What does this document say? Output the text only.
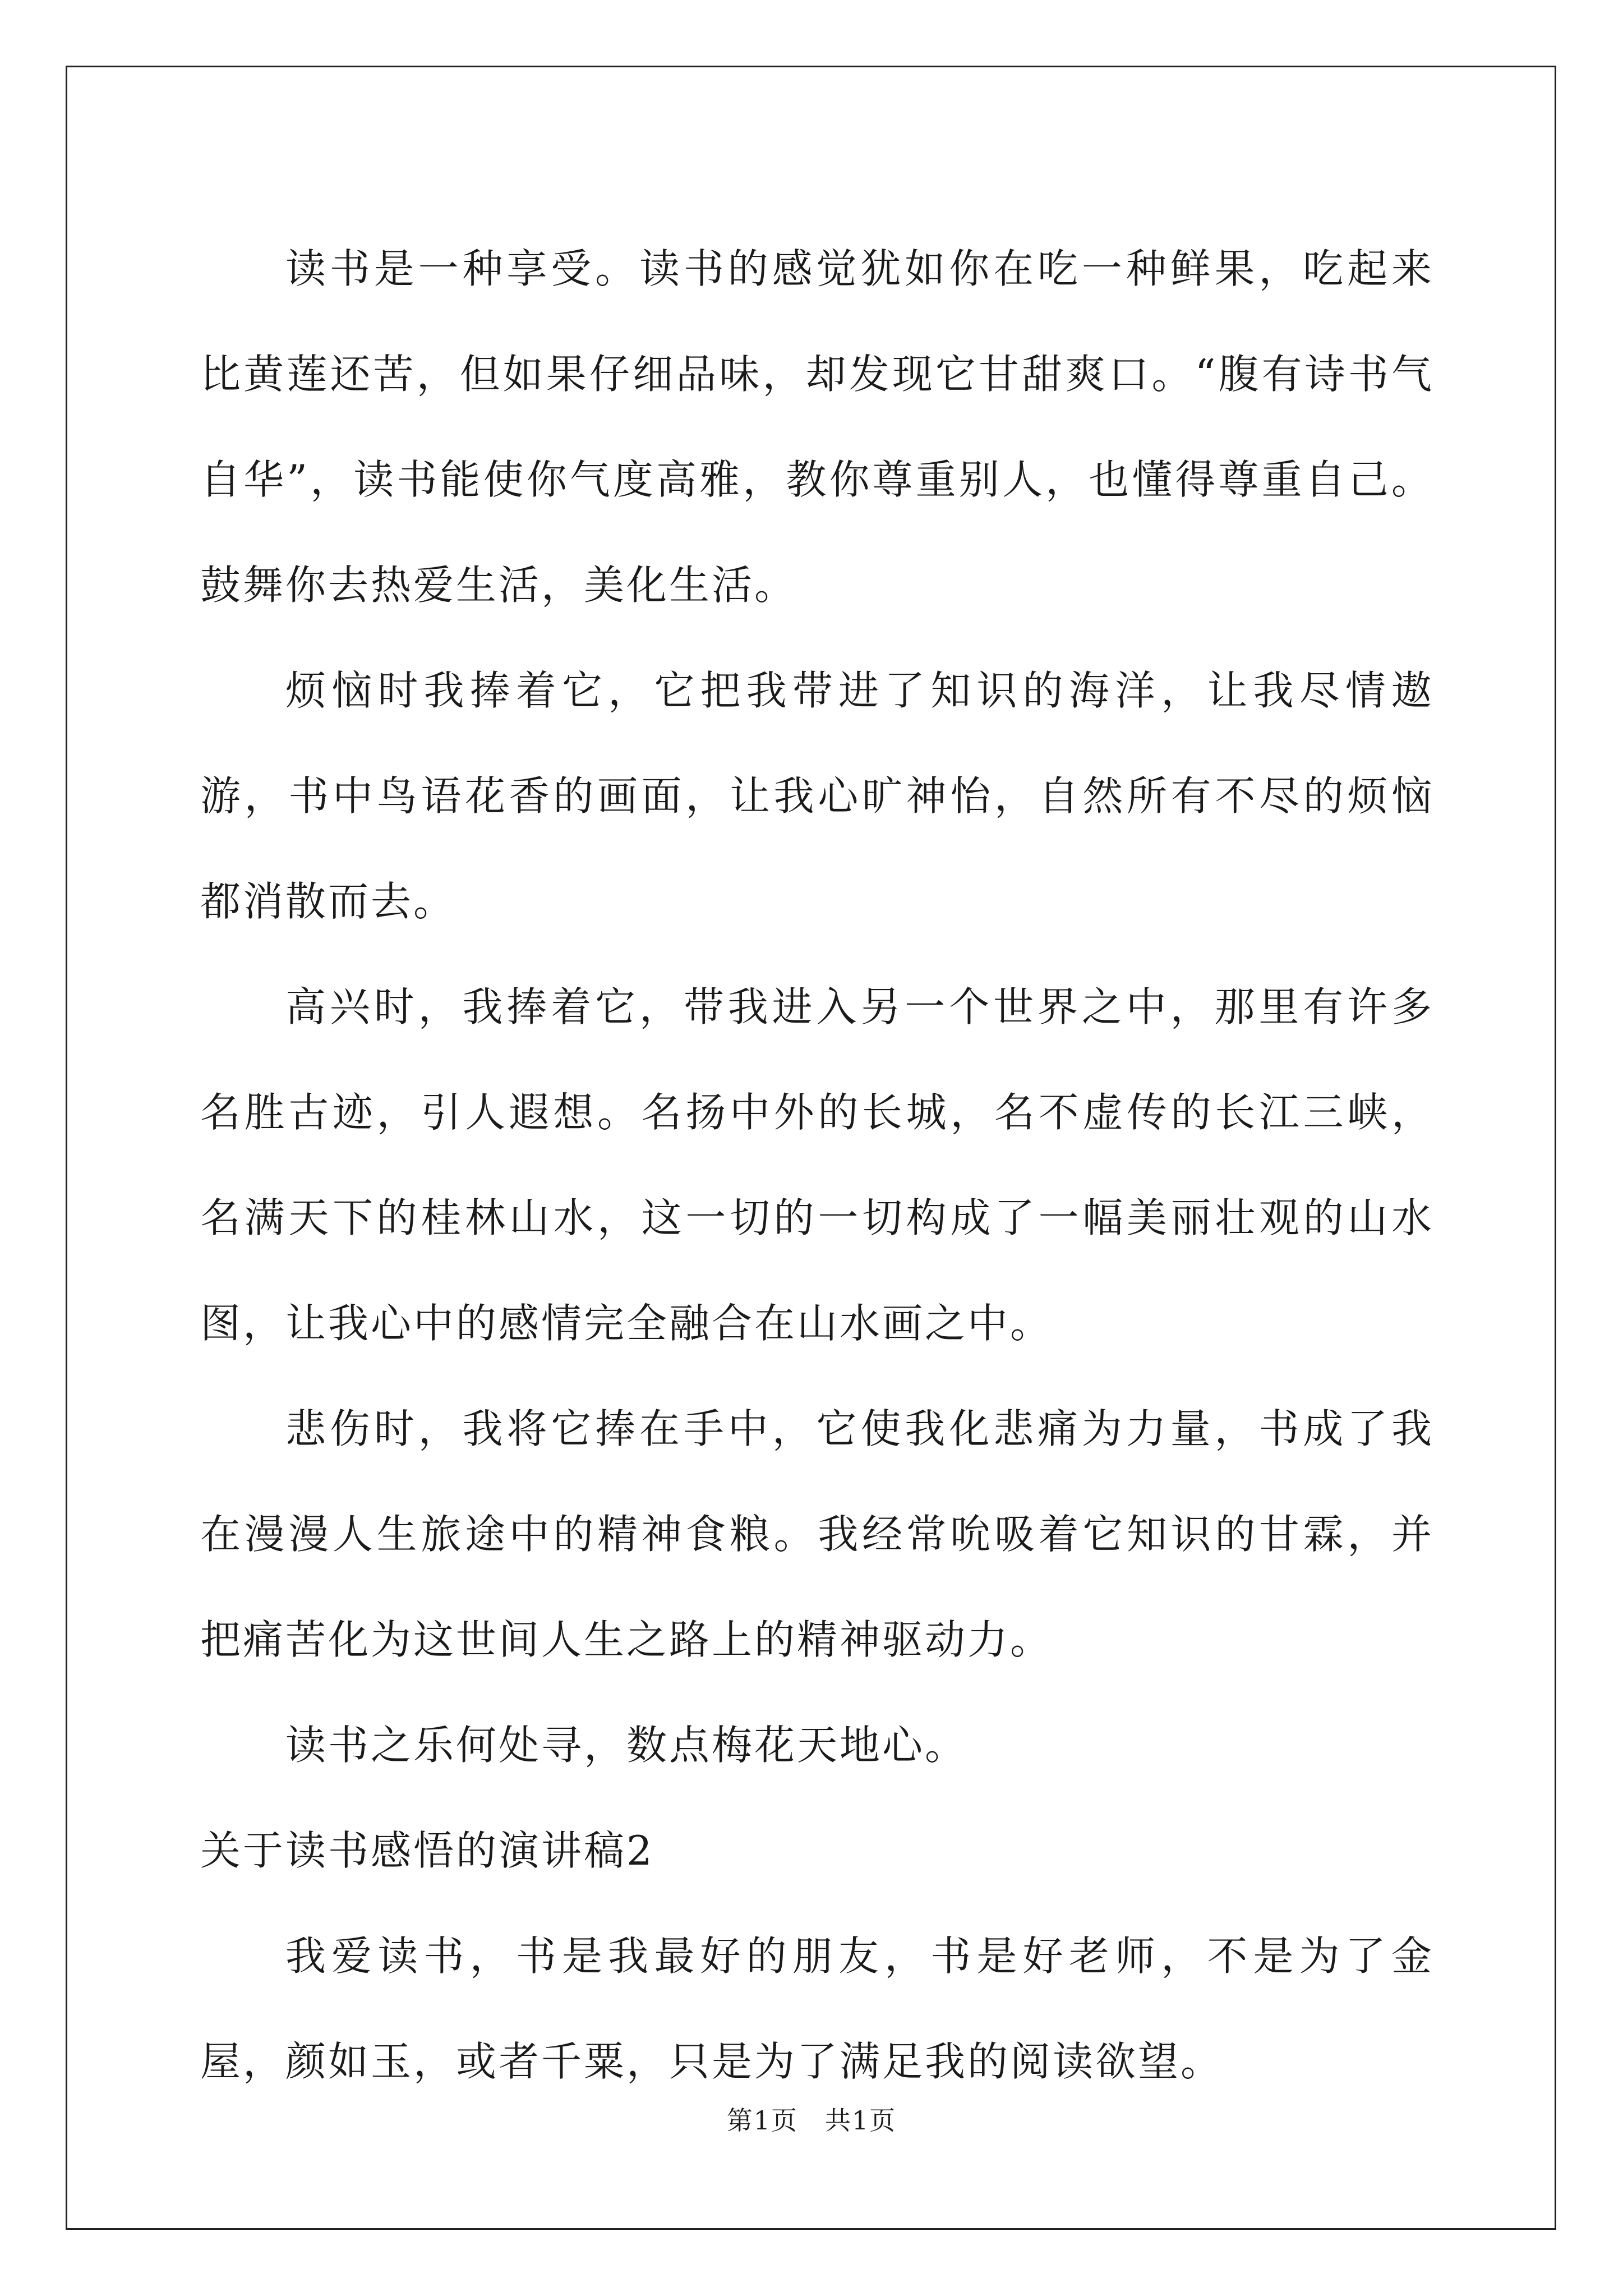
读书是一种享受。读书的感觉犹如你在吃一种鲜果，吃起来比黄莲还苦，但如果仔细品味，却发现它甘甜爽口。“腹有诗书气自华”，读书能使你气度高雅，教你尊重别人，也懂得尊重自己。鼓舞你去热爱生活，美化生活。

烦恼时我捧着它，它把我带进了知识的海洋，让我尽情遨游，书中鸟语花香的画面，让我心旷神怡，自然所有不尽的烦恼都消散而去。

高兴时，我捧着它，带我进入另一个世界之中，那里有许多名胜古迹，引人遐想。名扬中外的长城，名不虚传的长江三峡，名满天下的桂林山水，这一切的一切构成了一幅美丽壮观的山水图，让我心中的感情完全融合在山水画之中。

悲伤时，我将它捧在手中，它使我化悲痛为力量，书成了我在漫漫人生旅途中的精神食粮。我经常吮吸着它知识的甘霖，并把痛苦化为这世间人生之路上的精神驱动力。

读书之乐何处寻，数点梅花天地心。

关于读书感悟的演讲稿2

我爱读书，书是我最好的朋友，书是好老师，不是为了金屋，颜如玉，或者千粟，只是为了满足我的阅读欲望。

第1页　共1页
